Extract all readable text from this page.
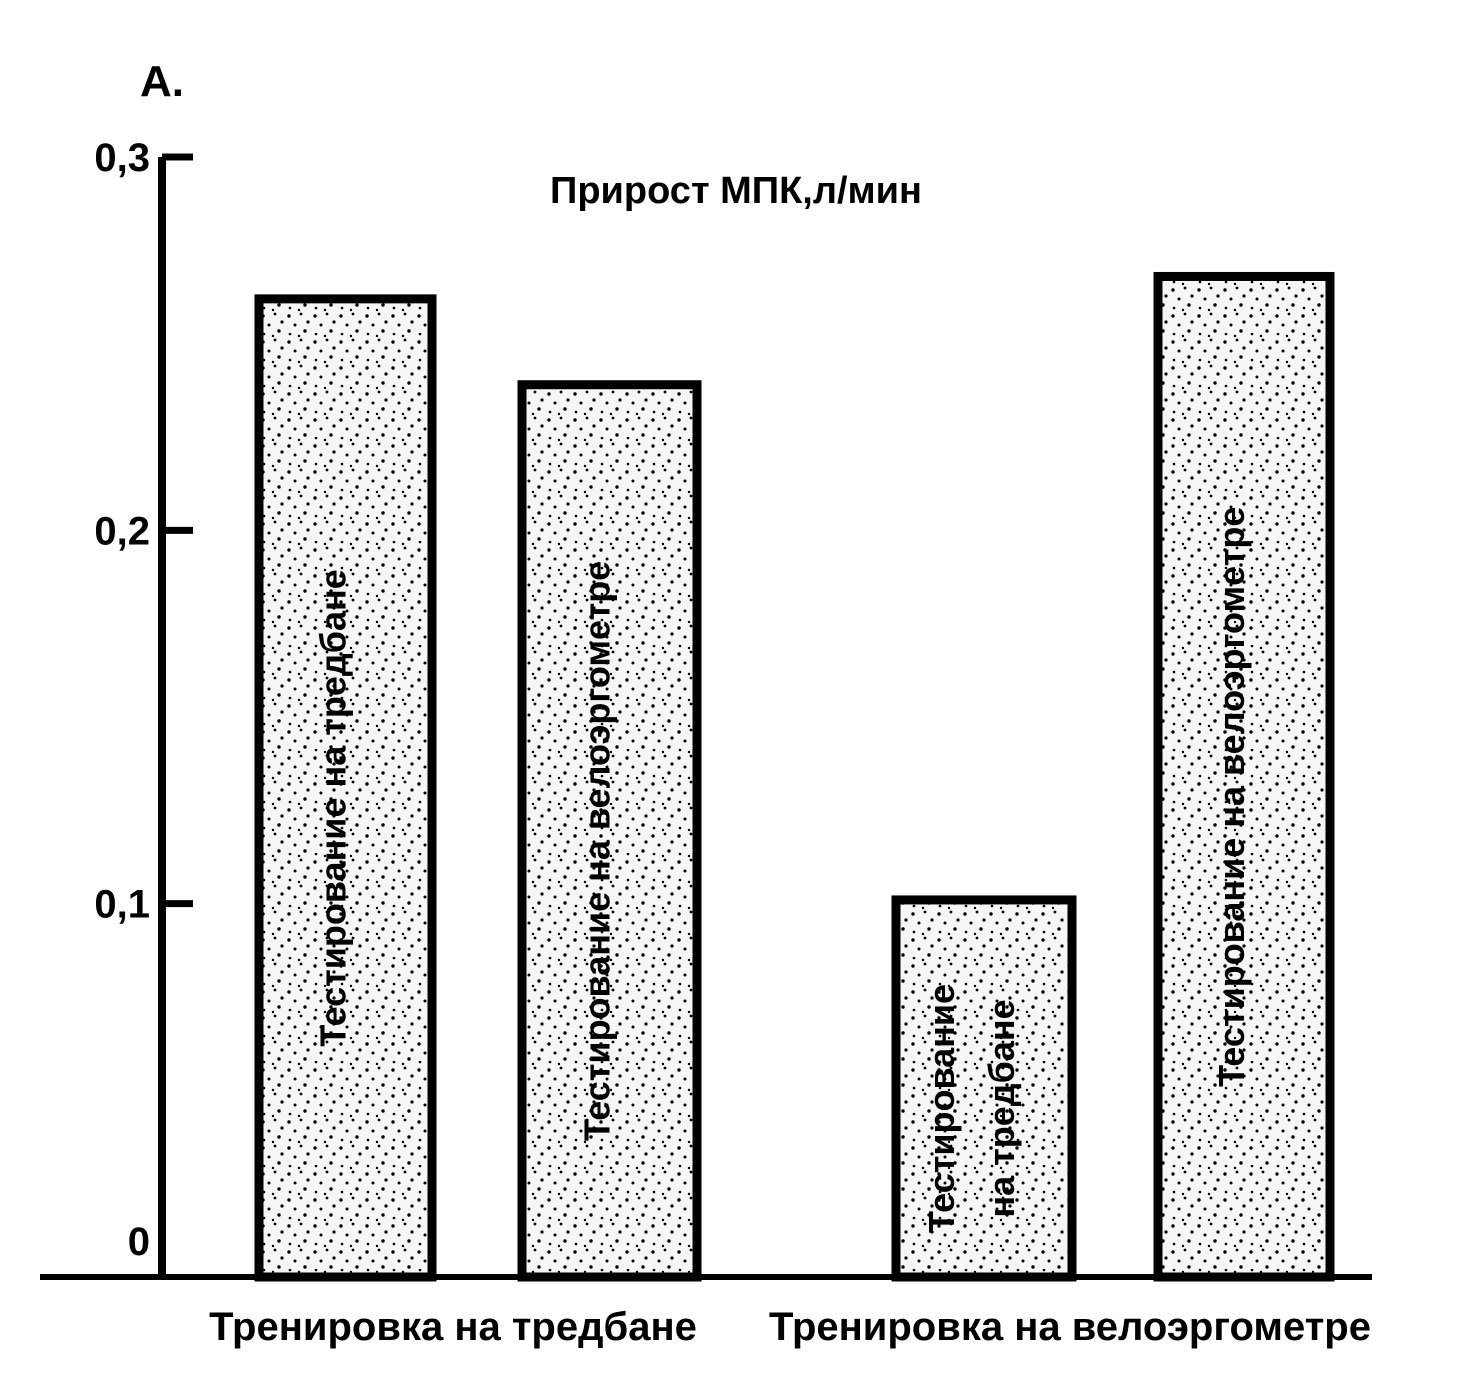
А.
Прирост МПК,л/мин
0
0,1
0,2
0,3
Тестирование на тредбане	Тестирование на велоэргометре	Тестирование на тредбане
Тестирование на велоэргометре
Тренировка на тредбане Тренировка на велоэргометре
